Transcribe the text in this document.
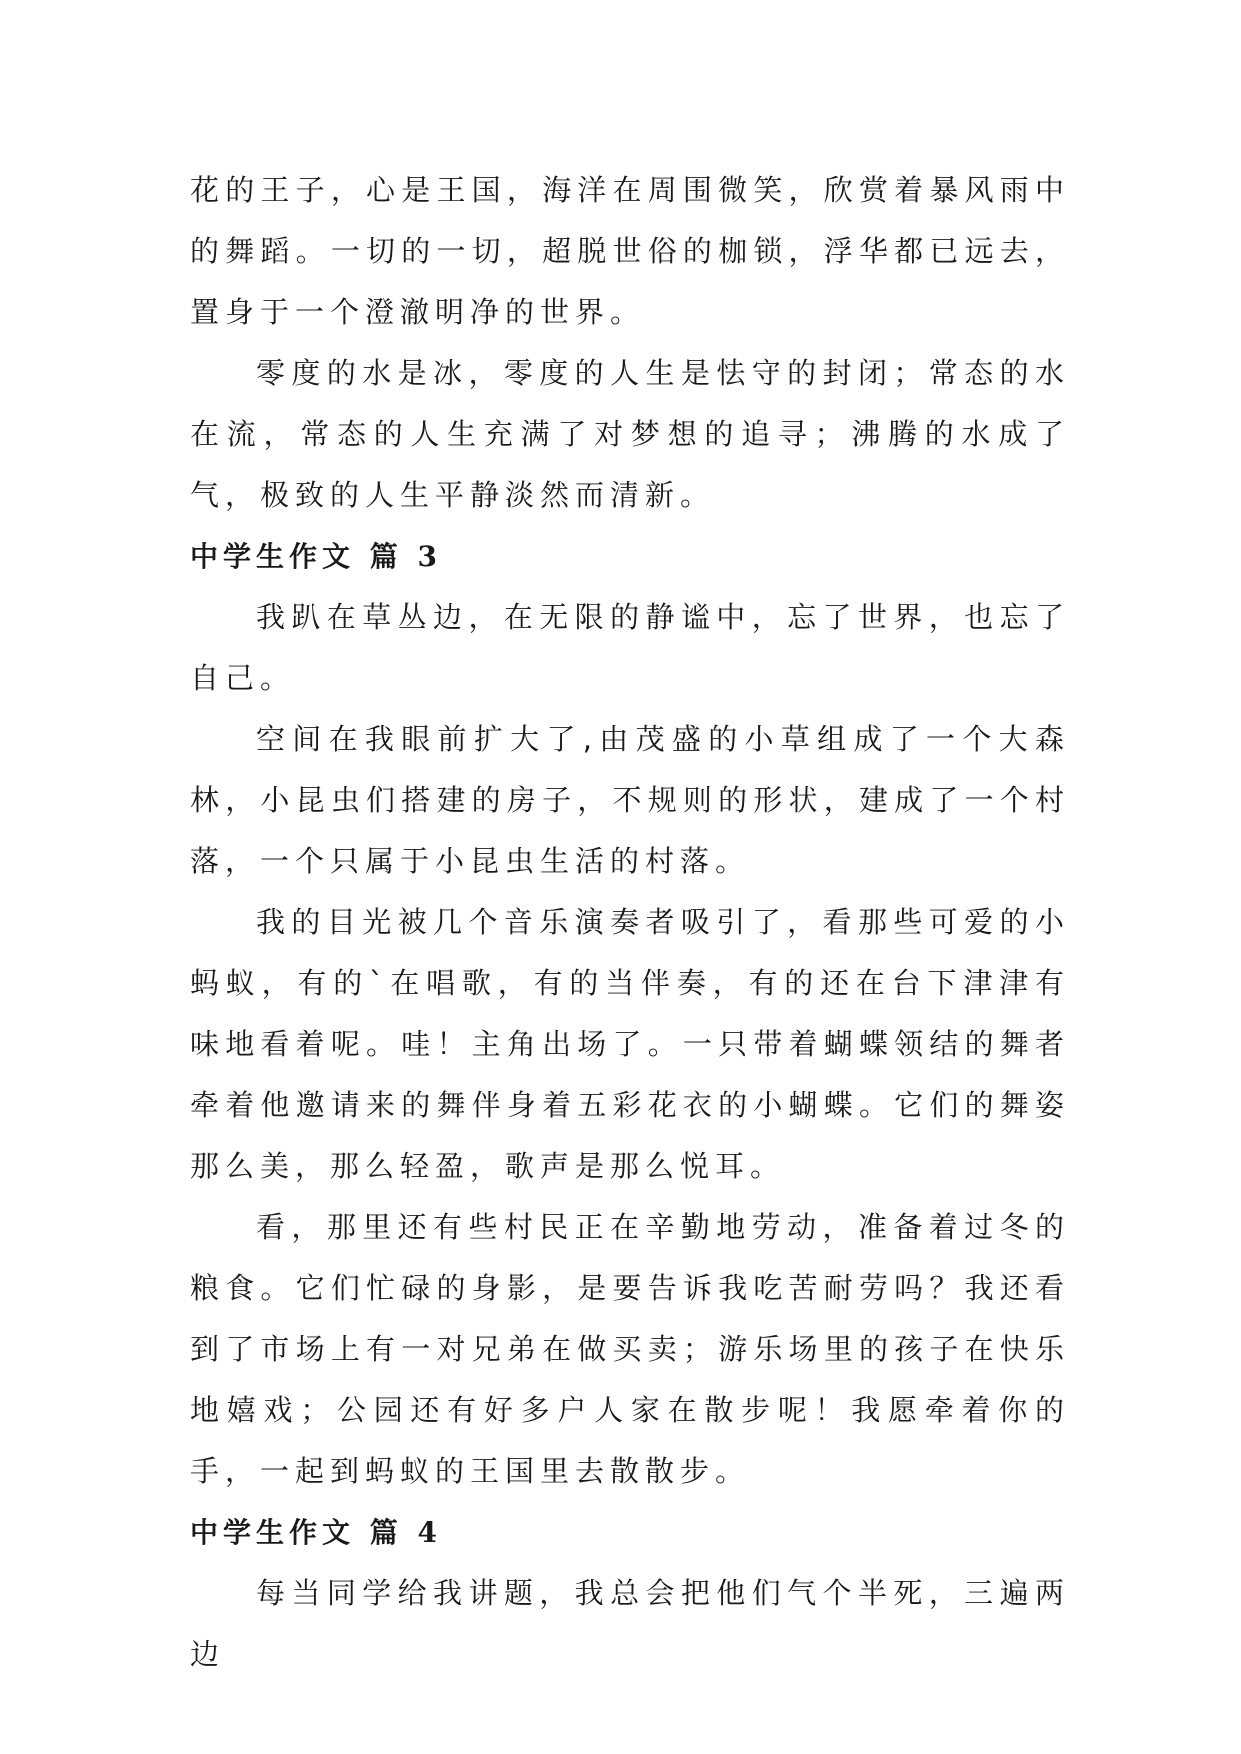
花的王子，心是王国，海洋在周围微笑，欣赏着暴风雨中的舞蹈。一切的一切，超脱世俗的枷锁，浮华都已远去，置身于一个澄澈明净的世界。

零度的水是冰，零度的人生是怯守的封闭；常态的水在流，常态的人生充满了对梦想的追寻；沸腾的水成了气，极致的人生平静淡然而清新。

中学生作文 篇 3

我趴在草丛边，在无限的静谧中，忘了世界，也忘了自己。

空间在我眼前扩大了,由茂盛的小草组成了一个大森林，小昆虫们搭建的房子，不规则的形状，建成了一个村落，一个只属于小昆虫生活的村落。

我的目光被几个音乐演奏者吸引了，看那些可爱的小蚂蚁，有的`在唱歌，有的当伴奏，有的还在台下津津有味地看着呢。哇！主角出场了。一只带着蝴蝶领结的舞者牵着他邀请来的舞伴身着五彩花衣的小蝴蝶。它们的舞姿那么美，那么轻盈，歌声是那么悦耳。

看，那里还有些村民正在辛勤地劳动，准备着过冬的粮食。它们忙碌的身影，是要告诉我吃苦耐劳吗？我还看到了市场上有一对兄弟在做买卖；游乐场里的孩子在快乐地嬉戏；公园还有好多户人家在散步呢！我愿牵着你的手，一起到蚂蚁的王国里去散散步。

中学生作文 篇 4

每当同学给我讲题，我总会把他们气个半死，三遍两边
